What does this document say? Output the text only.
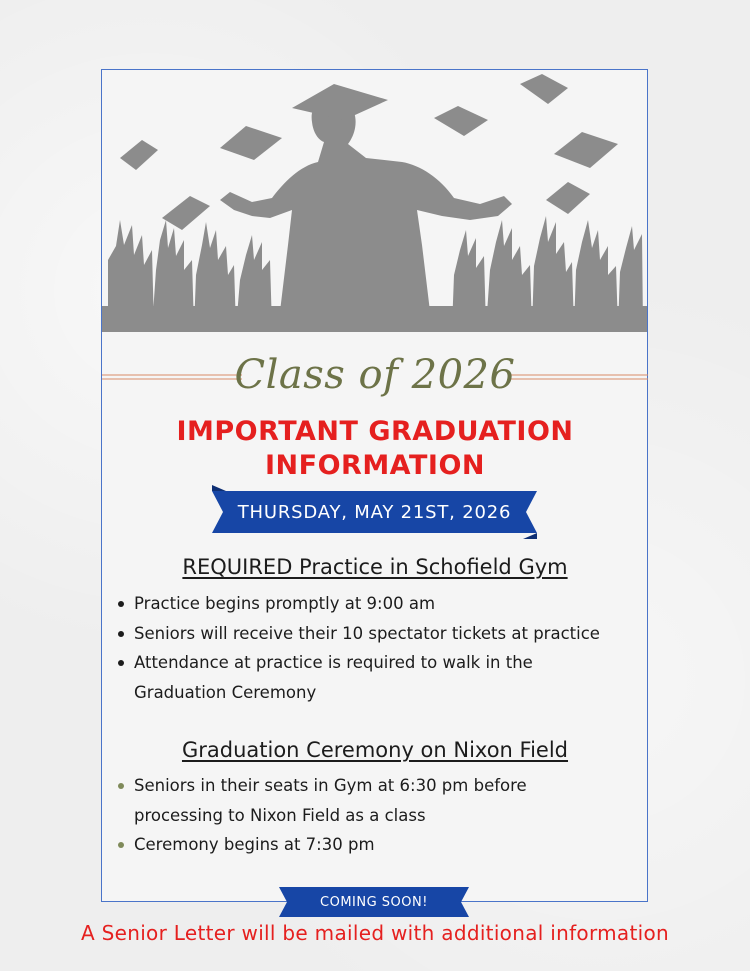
Class of 2026
IMPORTANT GRADUATION
INFORMATION
THURSDAY, MAY 21ST, 2026
REQUIRED Practice in Schofield Gym
Practice begins promptly at 9:00 am
Seniors will receive their 10 spectator tickets at practice
Attendance at practice is required to walk in the
Graduation Ceremony
Graduation Ceremony on Nixon Field
Seniors in their seats in Gym at 6:30 pm before
processing to Nixon Field as a class
Ceremony begins at 7:30 pm
COMING SOON!
A Senior Letter will be mailed with additional information
